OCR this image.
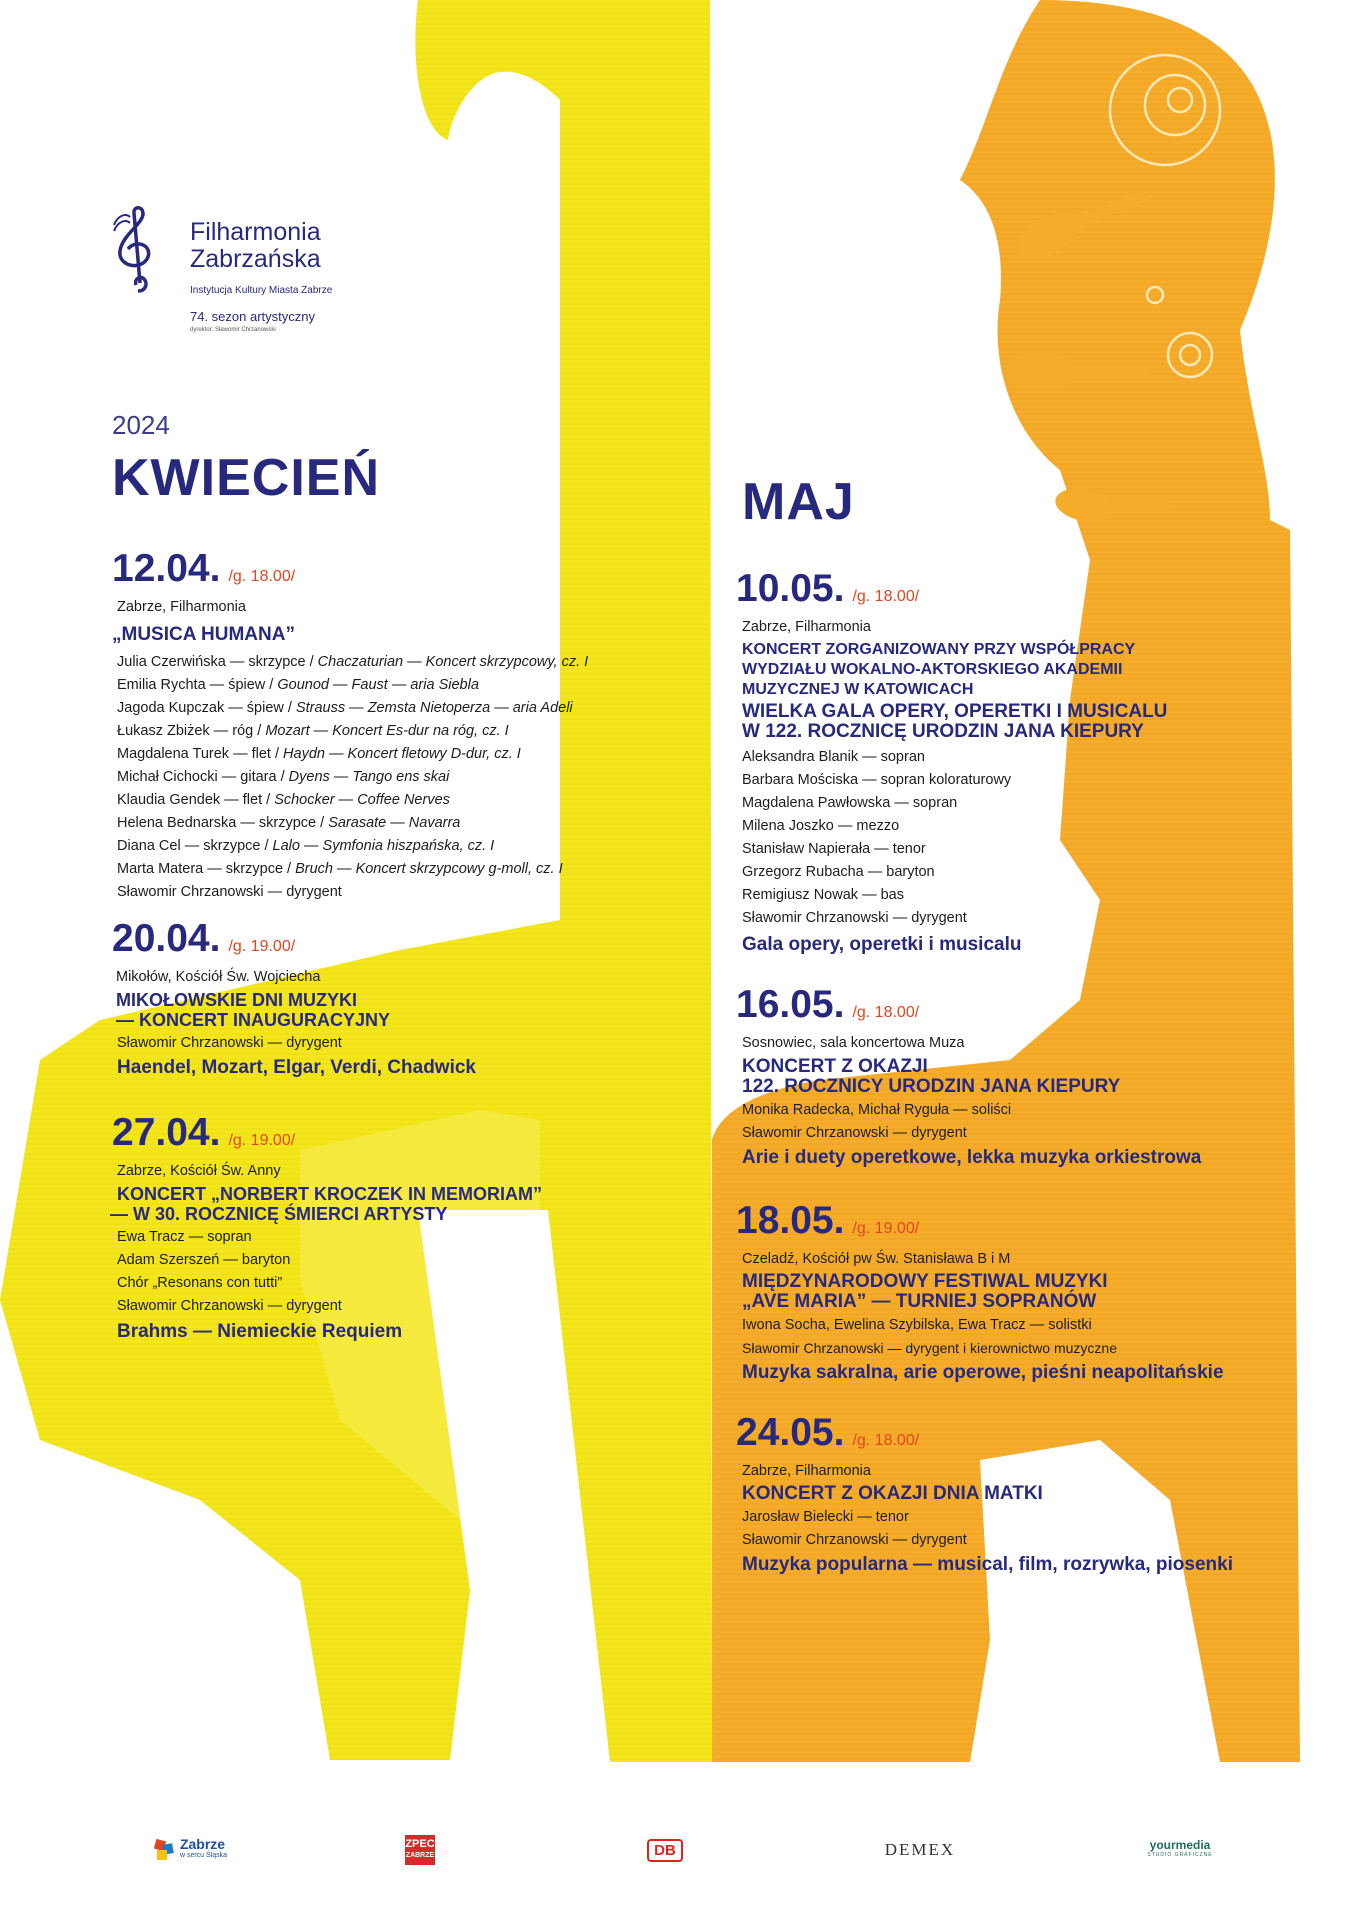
Filharmonia
Zabrzańska
Instytucja Kultury Miasta Zabrze
74. sezon artystyczny
dyrektor: Sławomir Chrzanowski
2024
KWIECIEŃ
12.04. /g. 18.00/
Zabrze, Filharmonia
„MUSICA HUMANA”
Julia Czerwińska — skrzypce / Chaczaturian — Koncert skrzypcowy, cz. I
Emilia Rychta — śpiew / Gounod — Faust — aria Siebla
Jagoda Kupczak — śpiew / Strauss — Zemsta Nietoperza — aria Adeli
Łukasz Zbiżek — róg / Mozart — Koncert Es-dur na róg, cz. I
Magdalena Turek — flet / Haydn — Koncert fletowy D-dur, cz. I
Michał Cichocki — gitara / Dyens — Tango ens skai
Klaudia Gendek — flet / Schocker — Coffee Nerves
Helena Bednarska — skrzypce / Sarasate — Navarra
Diana Cel — skrzypce / Lalo — Symfonia hiszpańska, cz. I
Marta Matera — skrzypce / Bruch — Koncert skrzypcowy g-moll, cz. I
Sławomir Chrzanowski — dyrygent
20.04. /g. 19.00/
Mikołów, Kościół Św. Wojciecha
MIKOŁOWSKIE DNI MUZYKI
— KONCERT INAUGURACYJNY
Sławomir Chrzanowski — dyrygent
Haendel, Mozart, Elgar, Verdi, Chadwick
27.04. /g. 19.00/
Zabrze, Kościół Św. Anny
KONCERT „NORBERT KROCZEK IN MEMORIAM”
— W 30. ROCZNICĘ ŚMIERCI ARTYSTY
Ewa Tracz — sopran
Adam Szerszeń — baryton
Chór „Resonans con tutti”
Sławomir Chrzanowski — dyrygent
Brahms — Niemieckie Requiem
MAJ
10.05. /g. 18.00/
Zabrze, Filharmonia
KONCERT ZORGANIZOWANY PRZY WSPÓŁPRACY
WYDZIAŁU WOKALNO-AKTORSKIEGO AKADEMII
MUZYCZNEJ W KATOWICACH
WIELKA GALA OPERY, OPERETKI I MUSICALU
W 122. ROCZNICĘ URODZIN JANA KIEPURY
Aleksandra Blanik — sopran
Barbara Mościska — sopran koloraturowy
Magdalena Pawłowska — sopran
Milena Joszko — mezzo
Stanisław Napierała — tenor
Grzegorz Rubacha — baryton
Remigiusz Nowak — bas
Sławomir Chrzanowski — dyrygent
Gala opery, operetki i musicalu
16.05. /g. 18.00/
Sosnowiec, sala koncertowa Muza
KONCERT Z OKAZJI
122. ROCZNICY URODZIN JANA KIEPURY
Monika Radecka, Michał Ryguła — soliści
Sławomir Chrzanowski — dyrygent
Arie i duety operetkowe, lekka muzyka orkiestrowa
18.05. /g. 19.00/
Czeladź, Kościół pw Św. Stanisława B i M
MIĘDZYNARODOWY FESTIWAL MUZYKI
„AVE MARIA” — TURNIEJ SOPRANÓW
Iwona Socha, Ewelina Szybilska, Ewa Tracz — solistki
Sławomir Chrzanowski — dyrygent i kierownictwo muzyczne
Muzyka sakralna, arie operowe, pieśni neapolitańskie
24.05. /g. 18.00/
Zabrze, Filharmonia
KONCERT Z OKAZJI DNIA MATKI
Jarosław Bielecki — tenor
Sławomir Chrzanowski — dyrygent
Muzyka popularna — musical, film, rozrywka, piosenki
Zabrze
w sercu Śląska
ZPEC
ZABRZE	DB	DEMEX	yourmedia
STUDIO GRAFICZNE
